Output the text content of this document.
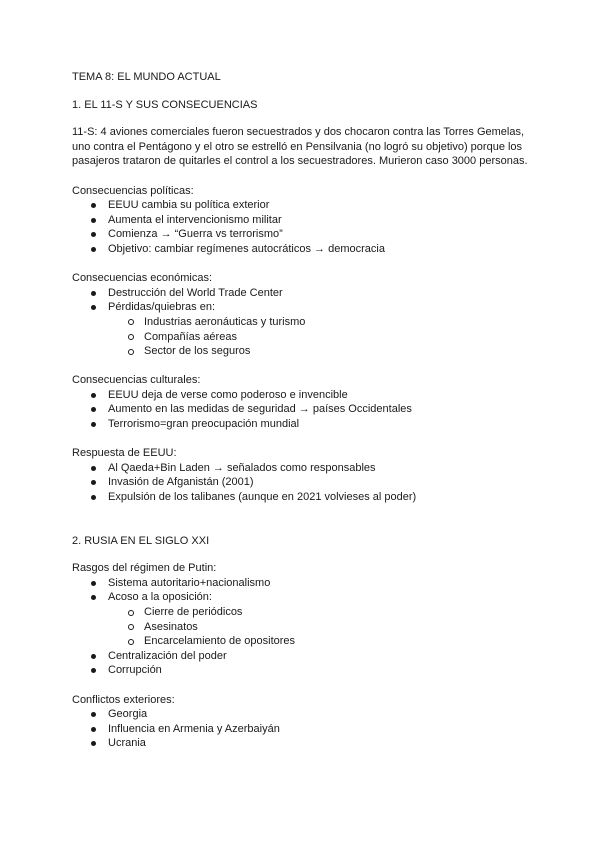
TEMA 8: EL MUNDO ACTUAL
1. EL 11-S Y SUS CONSECUENCIAS
11-S: 4 aviones comerciales fueron secuestrados y dos chocaron contra las Torres Gemelas, uno contra el Pentágono y el otro se estrelló en Pensilvania (no logró su objetivo) porque los pasajeros trataron de quitarles el control a los secuestradores. Murieron caso 3000 personas.
Consecuencias políticas:
EEUU cambia su política exterior
Aumenta el intervencionismo militar
Comienza → “Guerra vs terrorismo”
Objetivo: cambiar regímenes autocráticos → democracia
Consecuencias económicas:
Destrucción del World Trade Center
Pérdidas/quiebras en:
Industrias aeronáuticas y turismo
Compañías aéreas
Sector de los seguros
Consecuencias culturales:
EEUU deja de verse como poderoso e invencible
Aumento en las medidas de seguridad → países Occidentales
Terrorismo=gran preocupación mundial
Respuesta de EEUU:
Al Qaeda+Bin Laden → señalados como responsables
Invasión de Afganistán (2001)
Expulsión de los talibanes (aunque en 2021 volvieses al poder)
2. RUSIA EN EL SIGLO XXI
Rasgos del régimen de Putin:
Sistema autoritario+nacionalismo
Acoso a la oposición:
Cierre de periódicos
Asesinatos
Encarcelamiento de opositores
Centralización del poder
Corrupción
Conflictos exteriores:
Georgia
Influencia en Armenia y Azerbaiyán
Ucrania
